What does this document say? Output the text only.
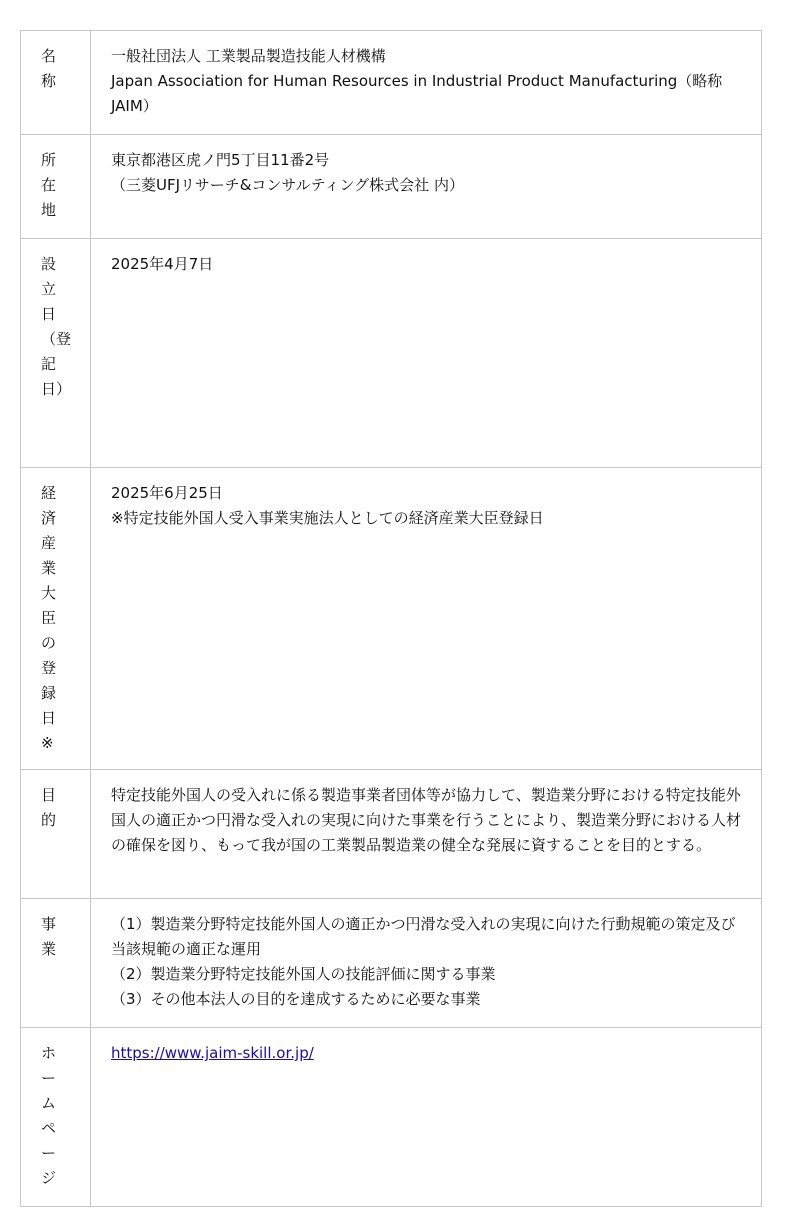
名称	一般社団法人 工業製品製造技能人材機構
Japan Association for Human Resources in Industrial Product Manufacturing（略称 JAIM）

所在地	東京都港区虎ノ門5丁目11番2号
（三菱UFJリサーチ&コンサルティング株式会社 内）

設立日（登記日）	2025年4月7日

経済産業大臣の登録日※	2025年6月25日
※特定技能外国人受入事業実施法人としての経済産業大臣登録日

目的	特定技能外国人の受入れに係る製造事業者団体等が協力して、製造業分野における特定技能外国人の適正かつ円滑な受入れの実現に向けた事業を行うことにより、製造業分野における人材の確保を図り、もって我が国の工業製品製造業の健全な発展に資することを目的とする。

事業	（1）製造業分野特定技能外国人の適正かつ円滑な受入れの実現に向けた行動規範の策定及び当該規範の適正な運用
（2）製造業分野特定技能外国人の技能評価に関する事業
（3）その他本法人の目的を達成するために必要な事業

ホームページ	https://www.jaim-skill.or.jp/
